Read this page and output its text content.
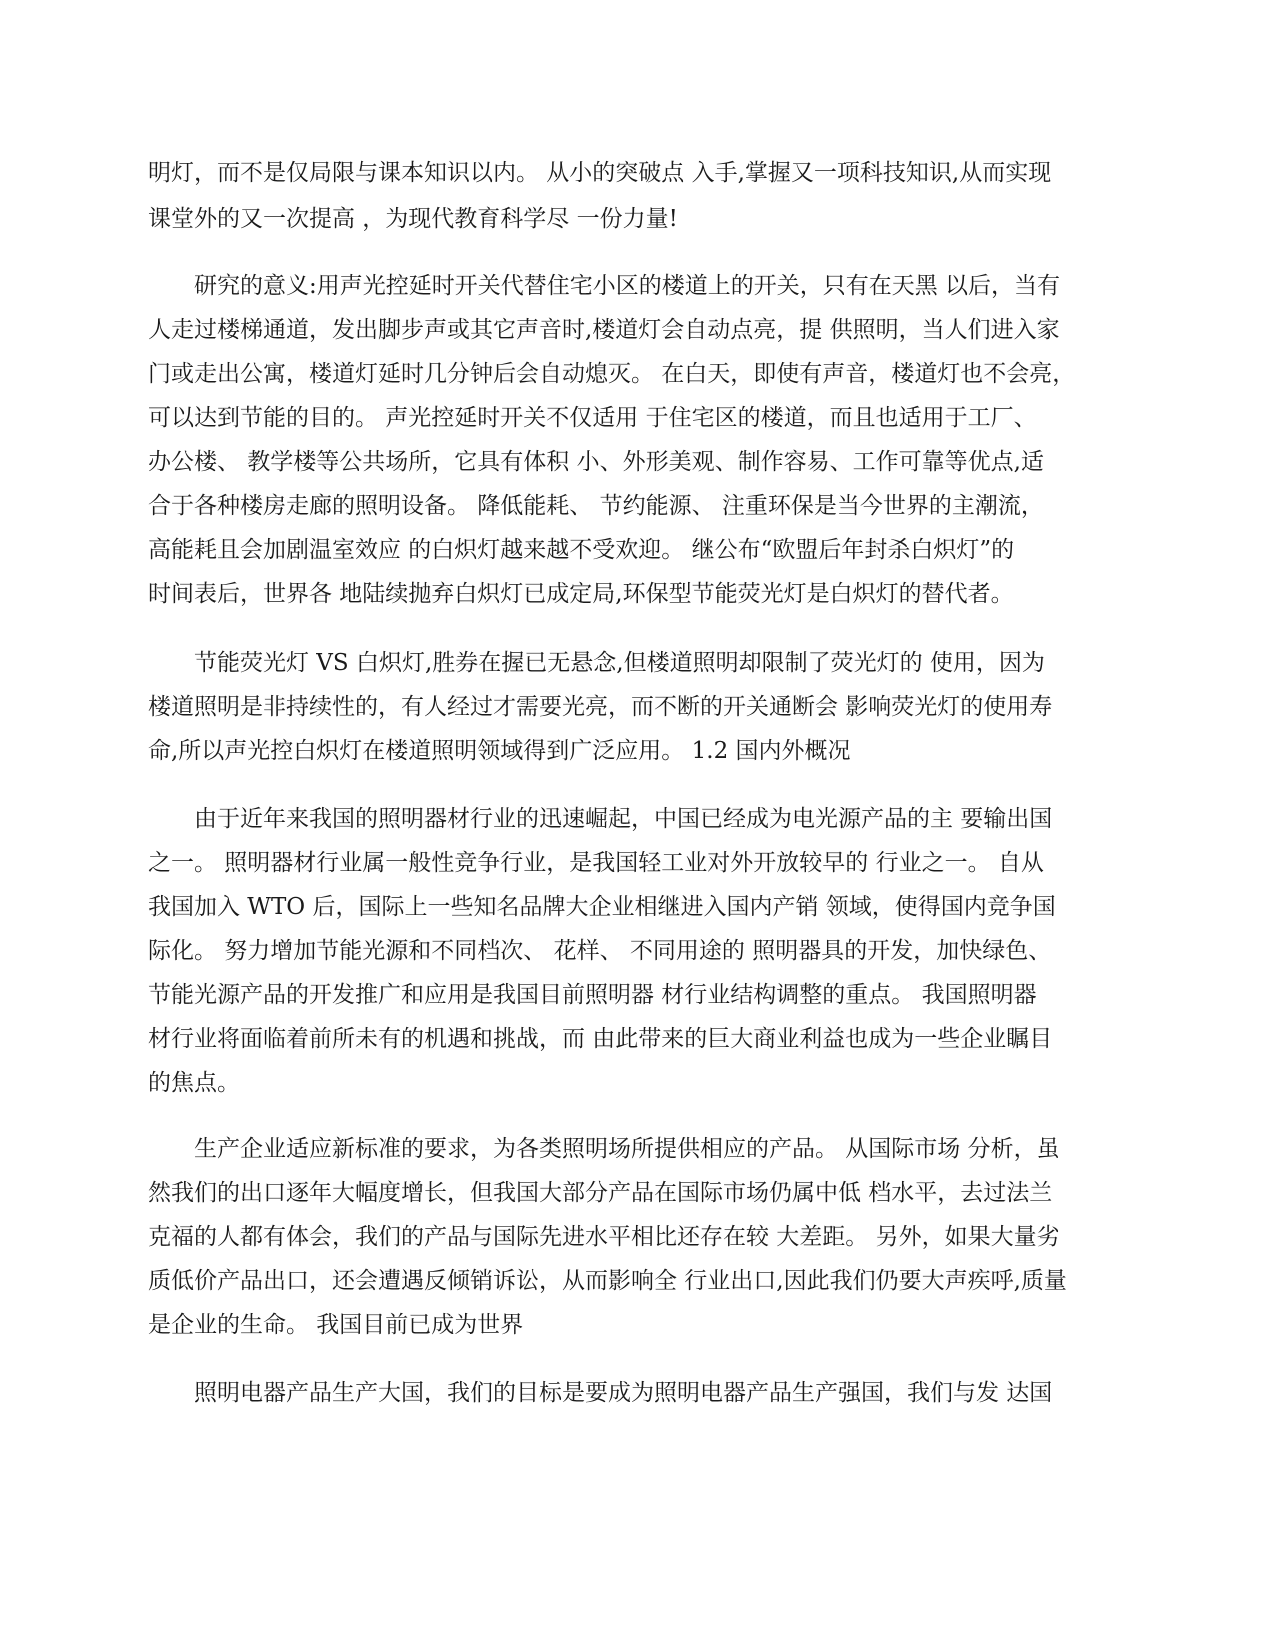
明灯，而不是仅局限与课本知识以内。 从小的突破点 入手,掌握又一项科技知识,从而实现
课堂外的又一次提高 ，为现代教育科学尽 一份力量!
研究的意义:用声光控延时开关代替住宅小区的楼道上的开关，只有在天黑 以后，当有
人走过楼梯通道，发出脚步声或其它声音时,楼道灯会自动点亮，提 供照明，当人们进入家
门或走出公寓，楼道灯延时几分钟后会自动熄灭。 在白天，即使有声音，楼道灯也不会亮，
可以达到节能的目的。 声光控延时开关不仅适用 于住宅区的楼道，而且也适用于工厂、
办公楼、 教学楼等公共场所，它具有体积 小、外形美观、制作容易、工作可靠等优点,适
合于各种楼房走廊的照明设备。 降低能耗、 节约能源、 注重环保是当今世界的主潮流，
高能耗且会加剧温室效应 的白炽灯越来越不受欢迎。 继公布“欧盟后年封杀白炽灯”的
时间表后，世界各 地陆续抛弃白炽灯已成定局,环保型节能荧光灯是白炽灯的替代者。
节能荧光灯 VS 白炽灯,胜券在握已无悬念,但楼道照明却限制了荧光灯的 使用，因为
楼道照明是非持续性的，有人经过才需要光亮，而不断的开关通断会 影响荧光灯的使用寿
命,所以声光控白炽灯在楼道照明领域得到广泛应用。 1.2 国内外概况
由于近年来我国的照明器材行业的迅速崛起，中国已经成为电光源产品的主 要输出国
之一。 照明器材行业属一般性竞争行业，是我国轻工业对外开放较早的 行业之一。 自从
我国加入 WTO 后，国际上一些知名品牌大企业相继进入国内产销 领域，使得国内竞争国
际化。 努力增加节能光源和不同档次、 花样、 不同用途的 照明器具的开发，加快绿色、
节能光源产品的开发推广和应用是我国目前照明器 材行业结构调整的重点。 我国照明器
材行业将面临着前所未有的机遇和挑战，而 由此带来的巨大商业利益也成为一些企业瞩目
的焦点。
生产企业适应新标准的要求，为各类照明场所提供相应的产品。 从国际市场 分析，虽
然我们的出口逐年大幅度增长，但我国大部分产品在国际市场仍属中低 档水平，去过法兰
克福的人都有体会，我们的产品与国际先进水平相比还存在较 大差距。 另外，如果大量劣
质低价产品出口，还会遭遇反倾销诉讼，从而影响全 行业出口,因此我们仍要大声疾呼,质量
是企业的生命。 我国目前已成为世界
照明电器产品生产大国，我们的目标是要成为照明电器产品生产强国，我们与发 达国
